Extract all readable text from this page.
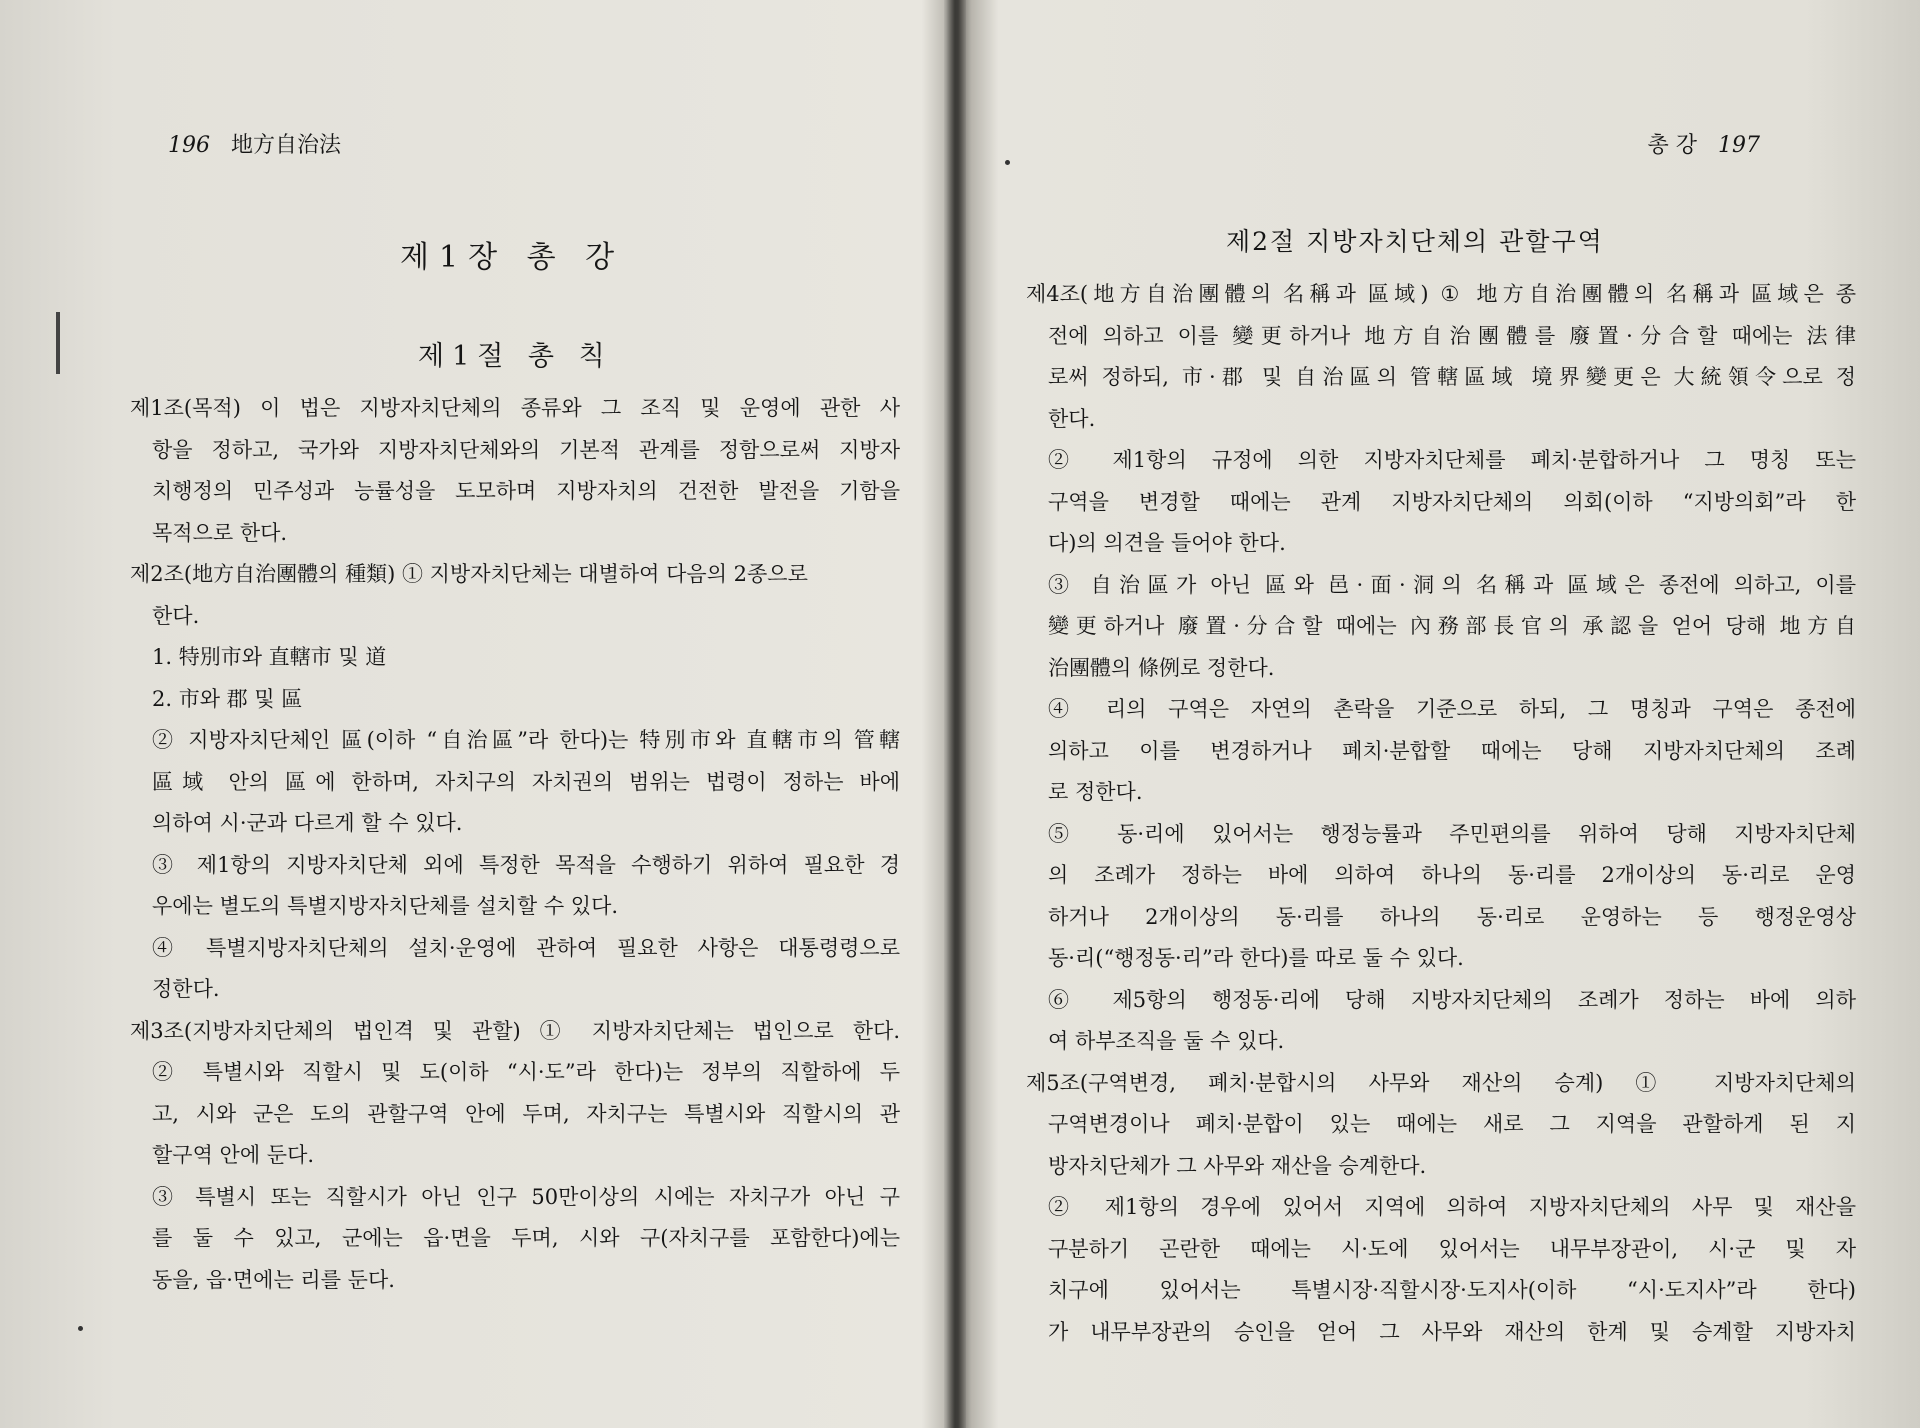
196 地方自治法
제1장 총 강
제1절 총 칙
제1조(목적) 이 법은 지방자치단체의 종류와 그 조직 및 운영에 관한 사
항을 정하고, 국가와 지방자치단체와의 기본적 관계를 정함으로써 지방자
치행정의 민주성과 능률성을 도모하며 지방자치의 건전한 발전을 기함을
목적으로 한다.
제2조(地方自治團體의 種類) ① 지방자치단체는 대별하여 다음의 2종으로
한다.
1. 特別市와 直轄市 및 道
2. 市와 郡 및 區
② 지방자치단체인 區(이하 “自治區”라 한다)는 特別市와 直轄市의 管轄
區域 안의 區에 한하며, 자치구의 자치권의 범위는 법령이 정하는 바에
의하여 시·군과 다르게 할 수 있다.
③ 제1항의 지방자치단체 외에 특정한 목적을 수행하기 위하여 필요한 경
우에는 별도의 특별지방자치단체를 설치할 수 있다.
④ 특별지방자치단체의 설치·운영에 관하여 필요한 사항은 대통령령으로
정한다.
제3조(지방자치단체의 법인격 및 관할) ① 지방자치단체는 법인으로 한다.
② 특별시와 직할시 및 도(이하 “시·도”라 한다)는 정부의 직할하에 두
고, 시와 군은 도의 관할구역 안에 두며, 자치구는 특별시와 직할시의 관
할구역 안에 둔다.
③ 특별시 또는 직할시가 아닌 인구 50만이상의 시에는 자치구가 아닌 구
를 둘 수 있고, 군에는 읍·면을 두며, 시와 구(자치구를 포함한다)에는
동을, 읍·면에는 리를 둔다.
총 강 197
제2절 지방자치단체의 관할구역
제4조(地方自治團體의 名稱과 區域) ① 地方自治團體의 名稱과 區域은 종
전에 의하고 이를 變更하거나 地方自治團體를 廢置·分合할 때에는 法律
로써 정하되, 市·郡 및 自治區의 管轄區域 境界變更은 大統領令으로 정
한다.
② 제1항의 규정에 의한 지방자치단체를 폐치·분합하거나 그 명칭 또는
구역을 변경할 때에는 관계 지방자치단체의 의회(이하 “지방의회”라 한
다)의 의견을 들어야 한다.
③ 自治區가 아닌 區와 邑·面·洞의 名稱과 區域은 종전에 의하고, 이를
變更하거나 廢置·分合할 때에는 內務部長官의 承認을 얻어 당해 地方自
治團體의 條例로 정한다.
④ 리의 구역은 자연의 촌락을 기준으로 하되, 그 명칭과 구역은 종전에
의하고 이를 변경하거나 폐치·분합할 때에는 당해 지방자치단체의 조례
로 정한다.
⑤ 동·리에 있어서는 행정능률과 주민편의를 위하여 당해 지방자치단체
의 조례가 정하는 바에 의하여 하나의 동·리를 2개이상의 동·리로 운영
하거나 2개이상의 동·리를 하나의 동·리로 운영하는 등 행정운영상
동·리(“행정동·리”라 한다)를 따로 둘 수 있다.
⑥ 제5항의 행정동·리에 당해 지방자치단체의 조례가 정하는 바에 의하
여 하부조직을 둘 수 있다.
제5조(구역변경, 폐치·분합시의 사무와 재산의 승계) ① 지방자치단체의
구역변경이나 폐치·분합이 있는 때에는 새로 그 지역을 관할하게 된 지
방자치단체가 그 사무와 재산을 승계한다.
② 제1항의 경우에 있어서 지역에 의하여 지방자치단체의 사무 및 재산을
구분하기 곤란한 때에는 시·도에 있어서는 내무부장관이, 시·군 및 자
치구에 있어서는 특별시장·직할시장·도지사(이하 “시·도지사”라 한다)
가 내무부장관의 승인을 얻어 그 사무와 재산의 한계 및 승계할 지방자치
